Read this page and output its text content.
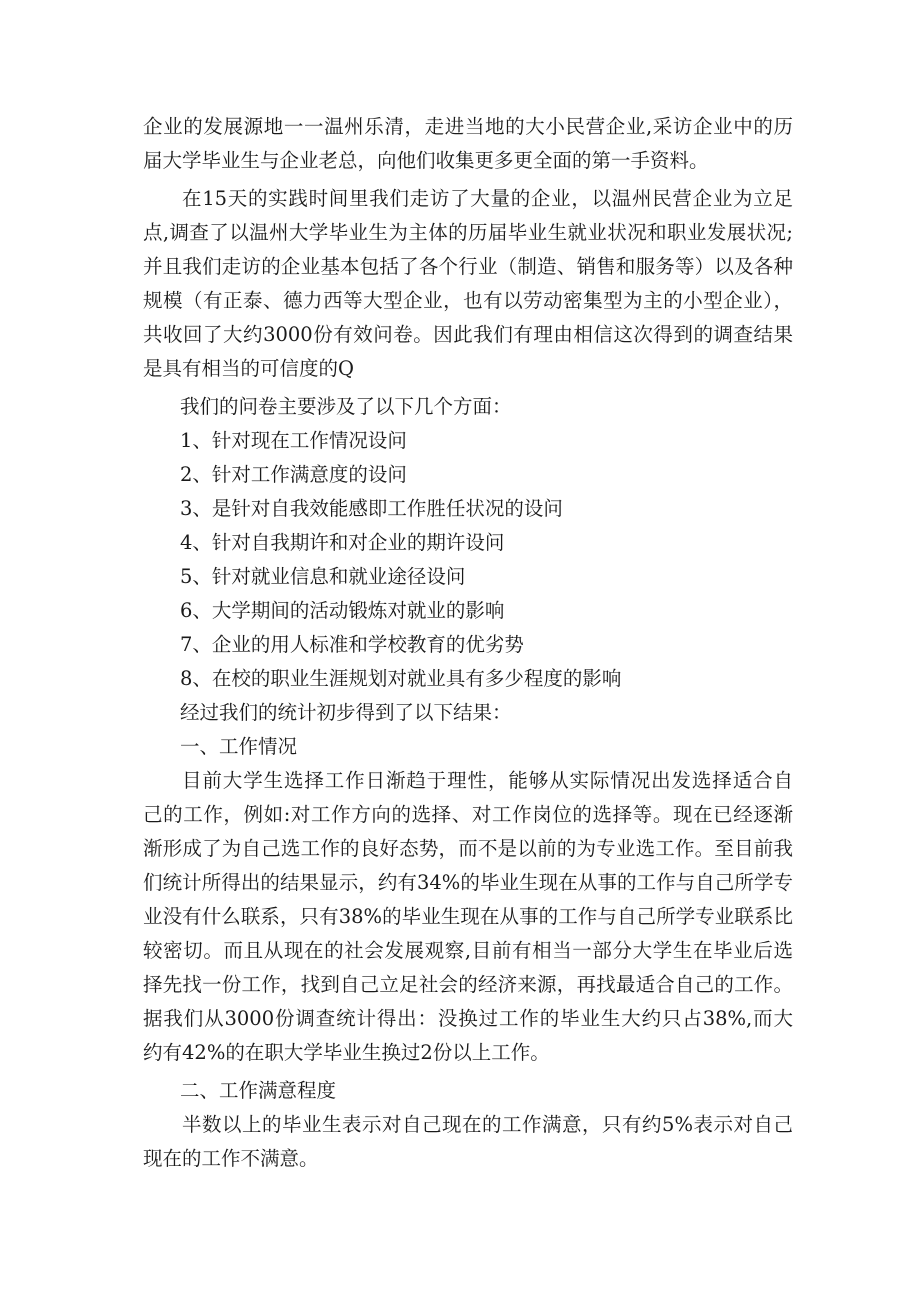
企业的发展源地一一温州乐清，走进当地的大小民营企业,采访企业中的历
届大学毕业生与企业老总，向他们收集更多更全面的第一手资料。
在15天的实践时间里我们走访了大量的企业，以温州民营企业为立足
点,调查了以温州大学毕业生为主体的历届毕业生就业状况和职业发展状况;
并且我们走访的企业基本包括了各个行业（制造、销售和服务等）以及各种
规模（有正泰、德力西等大型企业，也有以劳动密集型为主的小型企业），
共收回了大约3000份有效问卷。因此我们有理由相信这次得到的调查结果
是具有相当的可信度的Q
我们的问卷主要涉及了以下几个方面：
1、针对现在工作情况设问
2、针对工作满意度的设问
3、是针对自我效能感即工作胜任状况的设问
4、针对自我期许和对企业的期许设问
5、针对就业信息和就业途径设问
6、大学期间的活动锻炼对就业的影响
7、企业的用人标准和学校教育的优劣势
8、在校的职业生涯规划对就业具有多少程度的影响
经过我们的统计初步得到了以下结果：
一、工作情况
目前大学生选择工作日渐趋于理性，能够从实际情况出发选择适合自
己的工作，例如:对工作方向的选择、对工作岗位的选择等。现在已经逐渐
渐形成了为自己选工作的良好态势，而不是以前的为专业选工作。至目前我
们统计所得出的结果显示，约有34%的毕业生现在从事的工作与自己所学专
业没有什么联系，只有38%的毕业生现在从事的工作与自己所学专业联系比
较密切。而且从现在的社会发展观察,目前有相当一部分大学生在毕业后选
择先找一份工作，找到自己立足社会的经济来源，再找最适合自己的工作。
据我们从3000份调查统计得出：没换过工作的毕业生大约只占38%,而大
约有42%的在职大学毕业生换过2份以上工作。
二、工作满意程度
半数以上的毕业生表示对自己现在的工作满意，只有约5%表示对自己
现在的工作不满意。
